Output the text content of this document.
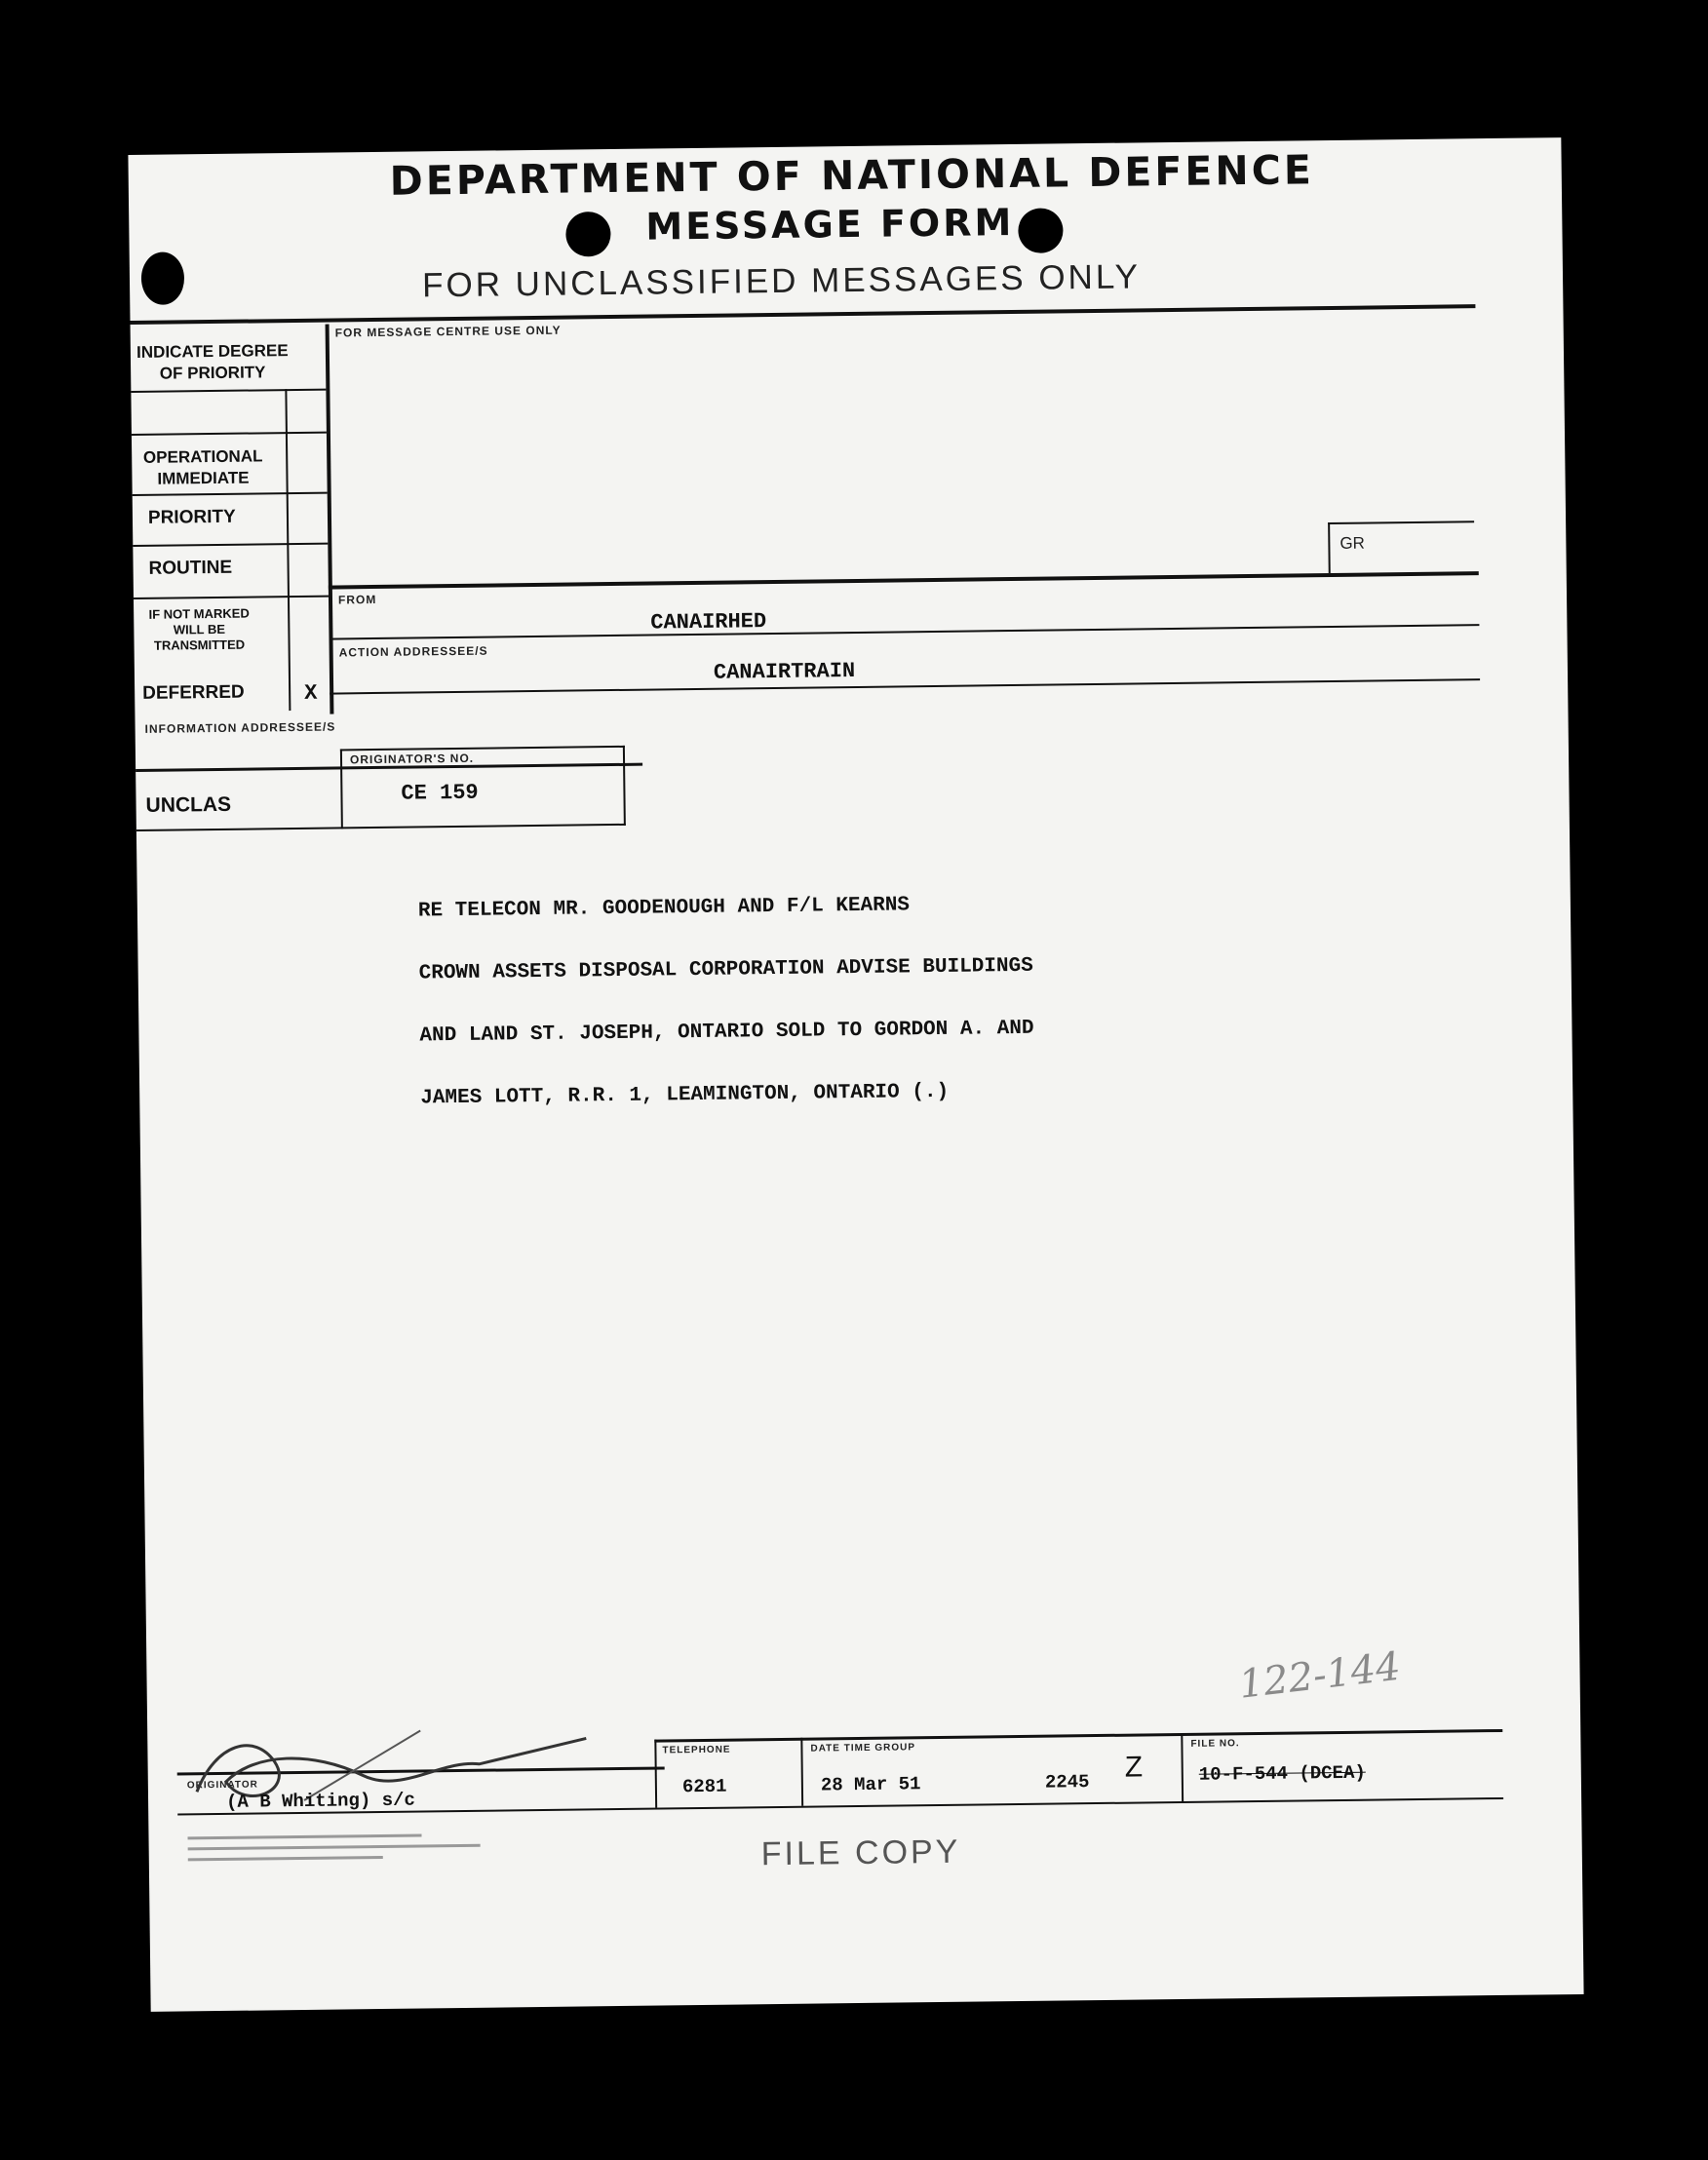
DEPARTMENT OF NATIONAL DEFENCE
MESSAGE FORM
FOR UNCLASSIFIED MESSAGES ONLY
INDICATE DEGREE OF PRIORITY
OPERATIONAL IMMEDIATE
PRIORITY
ROUTINE
IF NOT MARKED WILL BE TRANSMITTED
DEFERRED	X
FOR MESSAGE CENTRE USE ONLY
GR
FROM
CANAIRHED
ACTION ADDRESSEE/S
CANAIRTRAIN
INFORMATION ADDRESSEE/S
ORIGINATOR'S NO.
CE 159
UNCLAS
RE TELECON MR. GOODENOUGH AND F/L KEARNS
CROWN ASSETS DISPOSAL CORPORATION ADVISE BUILDINGS
AND LAND ST. JOSEPH, ONTARIO SOLD TO GORDON A. AND
JAMES LOTT, R.R. 1, LEAMINGTON, ONTARIO (.)
122-144
ORIGINATOR
(A B Whiting) s/c
TELEPHONE
6281
DATE TIME GROUP
28 Mar 51	2245 Z
FILE NO.
10-F-544 (DCEA)
FILE COPY
